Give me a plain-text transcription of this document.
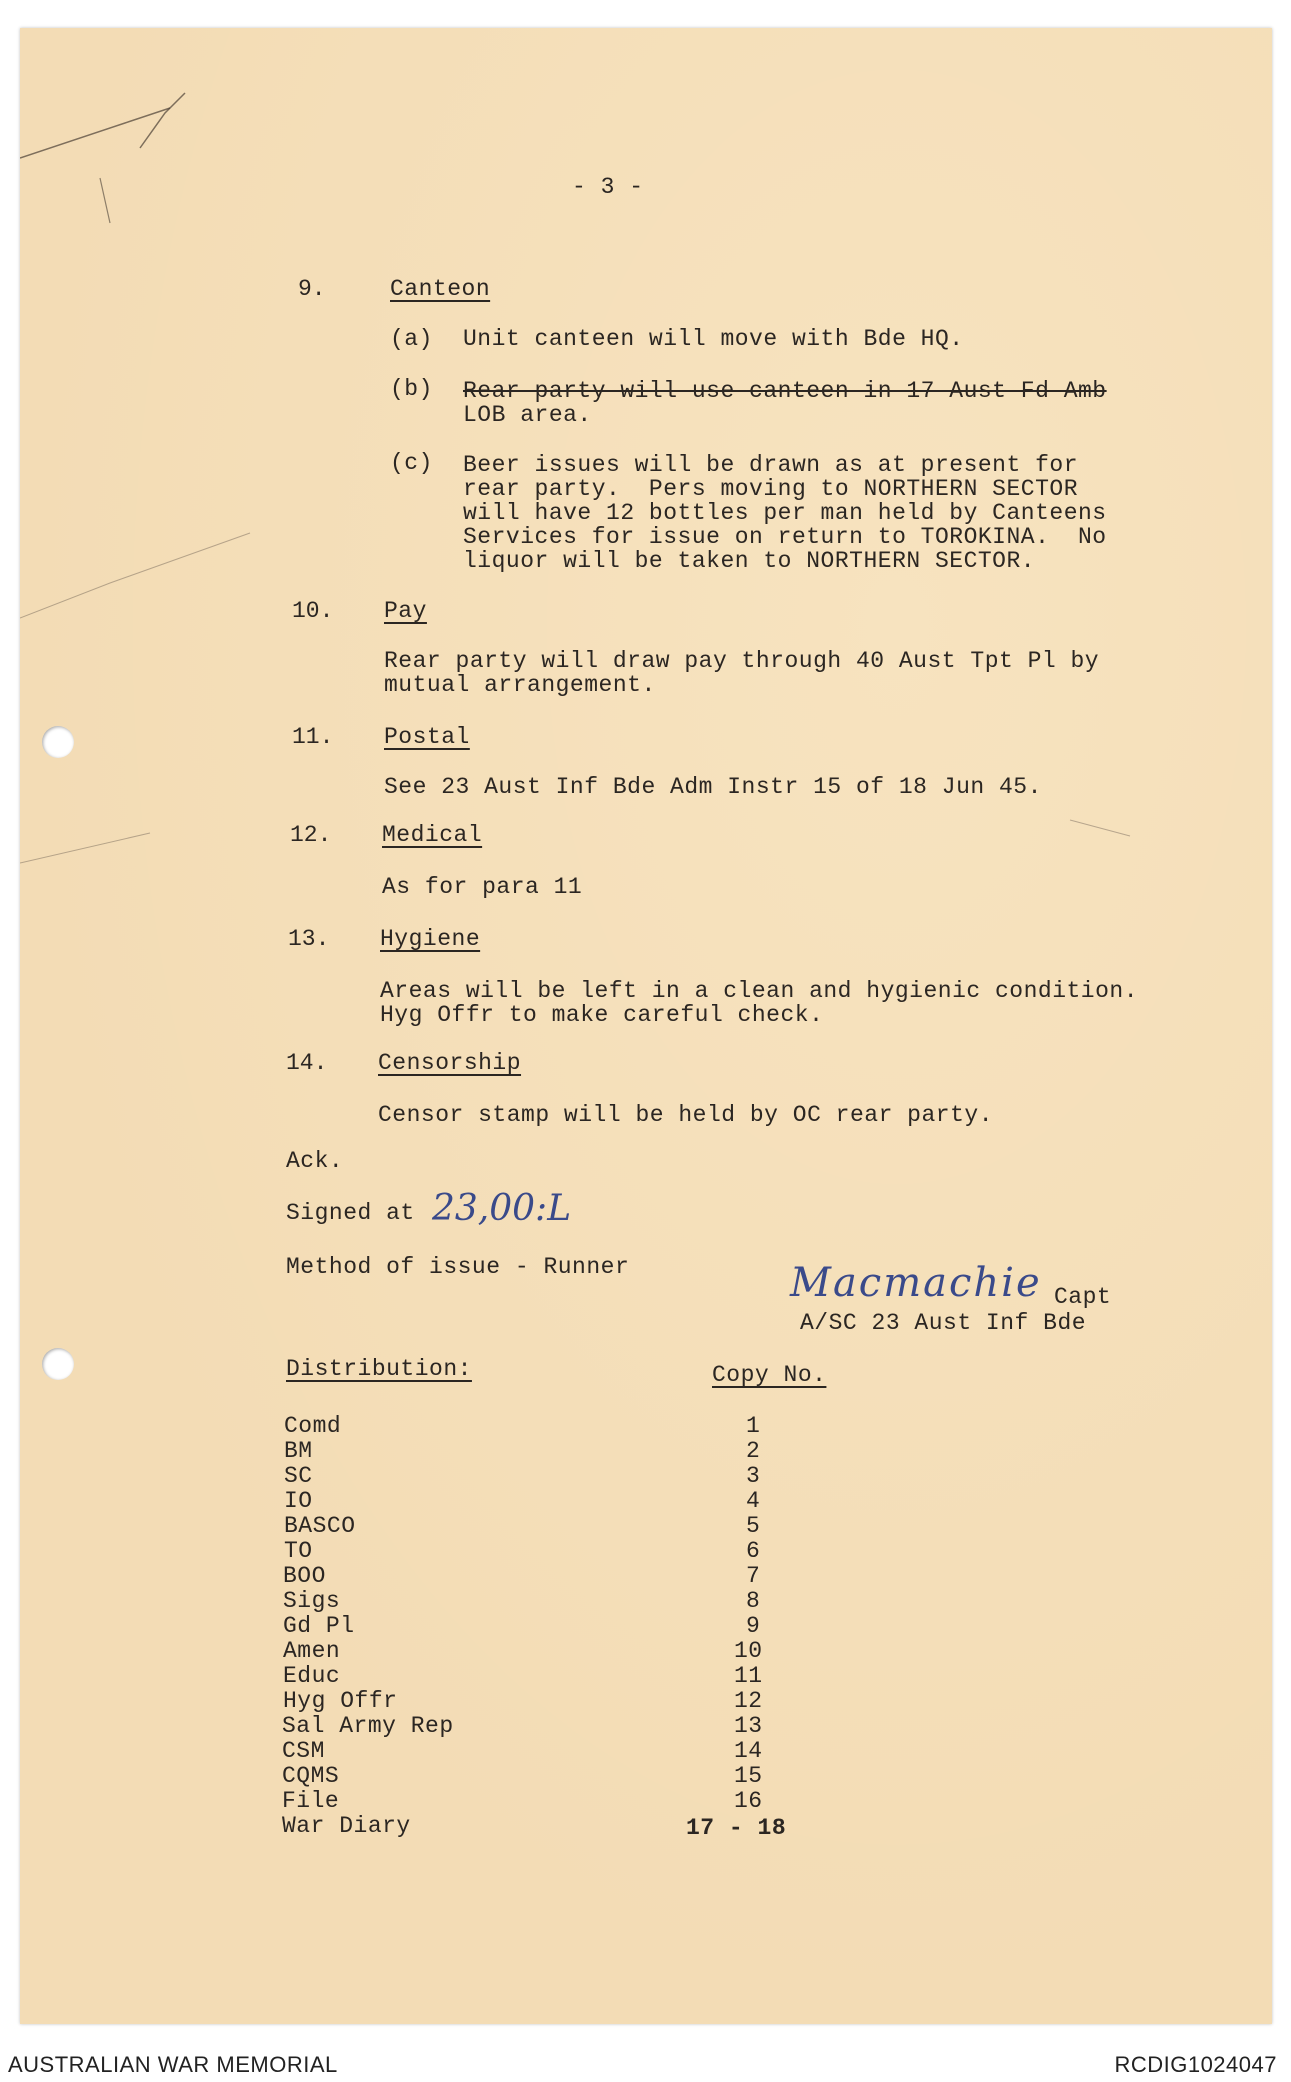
- 3 -
9.	Canteon
(a) Unit canteen will move with Bde HQ.
(b) Rear party will use canteen in 17 Aust Fd Amb
LOB area.
(c) Beer issues will be drawn as at present for
rear party.  Pers moving to NORTHERN SECTOR
will have 12 bottles per man held by Canteens
Services for issue on return to TOROKINA.  No
liquor will be taken to NORTHERN SECTOR.
10. Pay
Rear party will draw pay through 40 Aust Tpt Pl by
mutual arrangement.
11. Postal
See 23 Aust Inf Bde Adm Instr 15 of 18 Jun 45.
12. Medical
As for para 11
13. Hygiene
Areas will be left in a clean and hygienic condition.
Hyg Offr to make careful check.
14. Censorship
Censor stamp will be held by OC rear party.
Ack.
Signed at 23,00:L
Method of issue - Runner	Macmachie Capt
A/SC 23 Aust Inf Bde
Distribution:	Copy No.
Comd	1
BM	2
SC	3
IO	4
BASCO	5
TO	6
BOO	7
Sigs	8
Gd Pl	9
Amen	10
Educ	11
Hyg Offr	12
Sal Army Rep	13
CSM	14
CQMS	15
File	16
War Diary	17 - 18
AUSTRALIAN WAR MEMORIAL	RCDIG1024047
